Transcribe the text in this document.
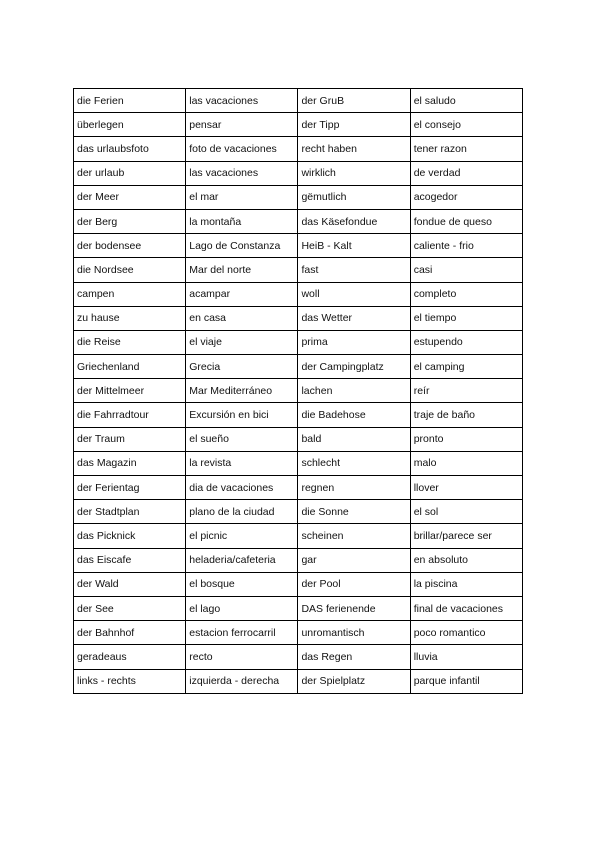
die Ferien	las vacaciones	der GruB	el saludo
überlegen	pensar	der Tipp	el consejo
das urlaubsfoto	foto de vacaciones	recht haben	tener razon
der urlaub	las vacaciones	wirklich	de verdad
der Meer	el mar	gëmutlich	acogedor
der Berg	la montaña	das Käsefondue	fondue de queso
der bodensee	Lago de Constanza	HeiB - Kalt	caliente - frio
die Nordsee	Mar del norte	fast	casi
campen	acampar	woll	completo
zu hause	en casa	das Wetter	el tiempo
die Reise	el viaje	prima	estupendo
Griechenland	Grecia	der Campingplatz	el camping
der Mittelmeer	Mar Mediterráneo	lachen	reír
die Fahrradtour	Excursión en bici	die Badehose	traje de baño
der Traum	el sueño	bald	pronto
das Magazin	la revista	schlecht	malo
der Ferientag	dia de vacaciones	regnen	llover
der Stadtplan	plano de la ciudad	die Sonne	el sol
das Picknick	el picnic	scheinen	brillar/parece ser
das Eiscafe	heladeria/cafeteria	gar	en absoluto
der Wald	el bosque	der Pool	la piscina
der See	el lago	DAS ferienende	final de vacaciones
der Bahnhof	estacion ferrocarril	unromantisch	poco romantico
geradeaus	recto	das Regen	lluvia
links - rechts	izquierda - derecha	der Spielplatz	parque infantil
